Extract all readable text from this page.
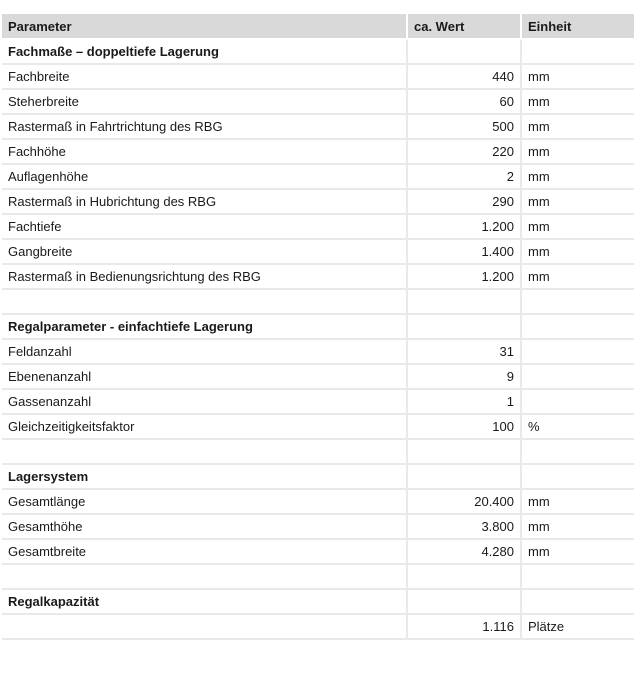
Parameter	ca. Wert	Einheit
Fachmaße – doppeltiefe Lagerung		
Fachbreite	440	mm
Steherbreite	60	mm
Rastermaß in Fahrtrichtung des RBG	500	mm
Fachhöhe	220	mm
Auflagenhöhe	2	mm
Rastermaß in Hubrichtung des RBG	290	mm
Fachtiefe	1.200	mm
Gangbreite	1.400	mm
Rastermaß in Bedienungsrichtung des RBG	1.200	mm

Regalparameter - einfachtiefe Lagerung		
Feldanzahl	31	
Ebenenanzahl	9	
Gassenanzahl	1	
Gleichzeitigkeitsfaktor	100	%

Lagersystem		
Gesamtlänge	20.400	mm
Gesamthöhe	3.800	mm
Gesamtbreite	4.280	mm

Regalkapazität		
	1.116	Plätze
